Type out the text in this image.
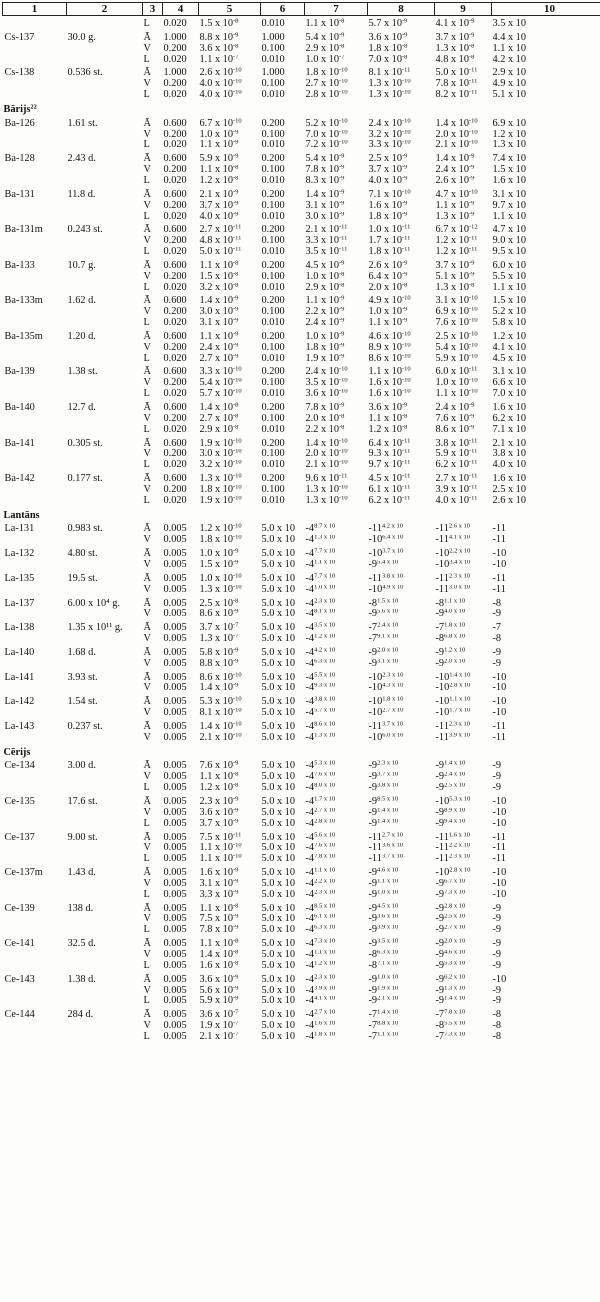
1	2	3	4	5	6	7	8	9	10
		L	0.020	1.5 x $10^{-8}$	0.010	1.1 x $10^{-8}$	5.7 x $10^{-9}$	4.1 x $10^{-9}$	3.5 x 10
Cs-137	30.0 g.	Ā	1.000	8.8 x $10^{-9}$	1.000	5.4 x $10^{-9}$	3.6 x $10^{-9}$	3.7 x $10^{-9}$	4.4 x 10
		V	0.200	3.6 x $10^{-8}$	0.100	2.9 x $10^{-8}$	1.8 x $10^{-8}$	1.3 x $10^{-8}$	1.1 x 10
		L	0.020	1.1 x $10^{-7}$	0.010	1.0 x $10^{-7}$	7.0 x $10^{-8}$	4.8 x $10^{-8}$	4.2 x 10
Cs-138	0.536 st.	Ā	1.000	2.6 x $10^{-10}$	1.000	1.8 x $10^{-10}$	8.1 x $10^{-11}$	5.0 x $10^{-11}$	2.9 x 10
		V	0.200	4.0 x $10^{-10}$	0.100	2.7 x $10^{-10}$	1.3 x $10^{-10}$	7.8 x $10^{-11}$	4.9 x 10
		L	0.020	4.0 x $10^{-10}$	0.010	2.8 x $10^{-10}$	1.3 x $10^{-10}$	8.2 x $10^{-11}$	5.1 x 10
Bārijs$^{22}$
Ba-126	1.61 st.	Ā	0.600	6.7 x $10^{-10}$	0.200	5.2 x $10^{-10}$	2.4 x $10^{-10}$	1.4 x $10^{-10}$	6.9 x 10
		V	0.200	1.0 x $10^{-9}$	0.100	7.0 x $10^{-10}$	3.2 x $10^{-10}$	2.0 x $10^{-10}$	1.2 x 10
		L	0.020	1.1 x $10^{-9}$	0.010	7.2 x $10^{-10}$	3.3 x $10^{-10}$	2.1 x $10^{-10}$	1.3 x 10
Ba-128	2.43 d.	Ā	0.600	5.9 x $10^{-9}$	0.200	5.4 x $10^{-9}$	2.5 x $10^{-9}$	1.4 x $10^{-9}$	7.4 x 10
		V	0.200	1.1 x $10^{-8}$	0.100	7.8 x $10^{-9}$	3.7 x $10^{-9}$	2.4 x $10^{-9}$	1.5 x 10
		L	0.020	1.2 x $10^{-8}$	0.010	8.3 x $10^{-9}$	4.0 x $10^{-9}$	2.6 x $10^{-9}$	1.6 x 10
Ba-131	11.8 d.	Ā	0.600	2.1 x $10^{-9}$	0.200	1.4 x $10^{-9}$	7.1 x $10^{-10}$	4.7 x $10^{-10}$	3.1 x 10
		V	0.200	3.7 x $10^{-9}$	0.100	3.1 x $10^{-9}$	1.6 x $10^{-9}$	1.1 x $10^{-9}$	9.7 x 10
		L	0.020	4.0 x $10^{-9}$	0.010	3.0 x $10^{-9}$	1.8 x $10^{-9}$	1.3 x $10^{-9}$	1.1 x 10
Ba-131m	0.243 st.	Ā	0.600	2.7 x $10^{-11}$	0.200	2.1 x $10^{-11}$	1.0 x $10^{-11}$	6.7 x $10^{-12}$	4.7 x 10
		V	0.200	4.8 x $10^{-11}$	0.100	3.3 x $10^{-11}$	1.7 x $10^{-11}$	1.2 x $10^{-11}$	9.0 x 10
		L	0.020	5.0 x $10^{-11}$	0.010	3.5 x $10^{-11}$	1.8 x $10^{-11}$	1.2 x $10^{-11}$	9.5 x 10
Ba-133	10.7 g.	Ā	0.600	1.1 x $10^{-8}$	0.200	4.5 x $10^{-9}$	2.6 x $10^{-9}$	3.7 x $10^{-9}$	6.0 x 10
		V	0.200	1.5 x $10^{-8}$	0.100	1.0 x $10^{-8}$	6.4 x $10^{-9}$	5.1 x $10^{-9}$	5.5 x 10
		L	0.020	3.2 x $10^{-8}$	0.010	2.9 x $10^{-8}$	2.0 x $10^{-8}$	1.3 x $10^{-8}$	1.1 x 10
Ba-133m	1.62 d.	Ā	0.600	1.4 x $10^{-9}$	0.200	1.1 x $10^{-9}$	4.9 x $10^{-10}$	3.1 x $10^{-10}$	1.5 x 10
		V	0.200	3.0 x $10^{-9}$	0.100	2.2 x $10^{-9}$	1.0 x $10^{-9}$	6.9 x $10^{-10}$	5.2 x 10
		L	0.020	3.1 x $10^{-9}$	0.010	2.4 x $10^{-9}$	1.1 x $10^{-9}$	7.6 x $10^{-10}$	5.8 x 10
Ba-135m	1.20 d.	Ā	0.600	1.1 x $10^{-9}$	0.200	1.0 x $10^{-9}$	4.6 x $10^{-10}$	2.5 x $10^{-10}$	1.2 x 10
		V	0.200	2.4 x $10^{-9}$	0.100	1.8 x $10^{-9}$	8.9 x $10^{-10}$	5.4 x $10^{-10}$	4.1 x 10
		L	0.020	2.7 x $10^{-9}$	0.010	1.9 x $10^{-9}$	8.6 x $10^{-10}$	5.9 x $10^{-10}$	4.5 x 10
Ba-139	1.38 st.	Ā	0.600	3.3 x $10^{-10}$	0.200	2.4 x $10^{-10}$	1.1 x $10^{-10}$	6.0 x $10^{-11}$	3.1 x 10
		V	0.200	5.4 x $10^{-10}$	0.100	3.5 x $10^{-10}$	1.6 x $10^{-10}$	1.0 x $10^{-10}$	6.6 x 10
		L	0.020	5.7 x $10^{-10}$	0.010	3.6 x $10^{-10}$	1.6 x $10^{-10}$	1.1 x $10^{-10}$	7.0 x 10
Ba-140	12.7 d.	Ā	0.600	1.4 x $10^{-8}$	0.200	7.8 x $10^{-9}$	3.6 x $10^{-9}$	2.4 x $10^{-9}$	1.6 x 10
		V	0.200	2.7 x $10^{-8}$	0.100	2.0 x $10^{-8}$	1.1 x $10^{-8}$	7.6 x $10^{-9}$	6.2 x 10
		L	0.020	2.9 x $10^{-8}$	0.010	2.2 x $10^{-8}$	1.2 x $10^{-8}$	8.6 x $10^{-9}$	7.1 x 10
Ba-141	0.305 st.	Ā	0.600	1.9 x $10^{-10}$	0.200	1.4 x $10^{-10}$	6.4 x $10^{-11}$	3.8 x $10^{-11}$	2.1 x 10
		V	0.200	3.0 x $10^{-10}$	0.100	2.0 x $10^{-10}$	9.3 x $10^{-11}$	5.9 x $10^{-11}$	3.8 x 10
		L	0.020	3.2 x $10^{-10}$	0.010	2.1 x $10^{-10}$	9.7 x $10^{-11}$	6.2 x $10^{-11}$	4.0 x 10
Ba-142	0.177 st.	Ā	0.600	1.3 x $10^{-10}$	0.200	9.6 x $10^{-11}$	4.5 x $10^{-11}$	2.7 x $10^{-11}$	1.6 x 10
		V	0.200	1.8 x $10^{-10}$	0.100	1.3 x $10^{-10}$	6.1 x $10^{-11}$	3.9 x $10^{-11}$	2.5 x 10
		L	0.020	1.9 x $10^{-10}$	0.010	1.3 x $10^{-10}$	6.2 x $10^{-11}$	4.0 x $10^{-11}$	2.6 x 10
Lantāns									
La-131	0.983 st.	Ā	0.005	1.2 x $10^{-10}$	5.0 x 10	$-4^{8.7 x 10}$	$-11^{4.2 x 10}$	$-11^{2.6 x 10}$	-11
		V	0.005	1.8 x $10^{-10}$	5.0 x 10	$-4^{1.3 x 10}$	$-10^{6.4 x 10}$	$-11^{4.1 x 10}$	-11
La-132	4.80 st.	Ā	0.005	1.0 x $10^{-9}$	5.0 x 10	$-4^{7.7 x 10}$	$-10^{3.7 x 10}$	$-10^{2.2 x 10}$	-10
		V	0.005	1.5 x $10^{-9}$	5.0 x 10	$-4^{1.1 x 10}$	$-9^{5.4 x 10}$	$-10^{3.4 x 10}$	-10
La-135	19.5 st.	Ā	0.005	1.0 x $10^{-10}$	5.0 x 10	$-4^{7.7 x 10}$	$-11^{3.8 x 10}$	$-11^{2.3 x 10}$	-11
		V	0.005	1.3 x $10^{-10}$	5.0 x 10	$-4^{1.0 x 10}$	$-10^{4.9 x 10}$	$-11^{3.0 x 10}$	-11
La-137	6.00 x 10⁴ g.	Ā	0.005	2.5 x $10^{-8}$	5.0 x 10	$-4^{2.3 x 10}$	$-8^{1.5 x 10}$	$-8^{1.1 x 10}$	-8
		V	0.005	8.6 x $10^{-9}$	5.0 x 10	$-4^{8.1 x 10}$	$-9^{5.6 x 10}$	$-9^{4.0 x 10}$	-9
La-138	1.35 x 10¹¹ g.	Ā	0.005	3.7 x $10^{-7}$	5.0 x 10	$-4^{3.5 x 10}$	$-7^{2.4 x 10}$	$-7^{1.8 x 10}$	-7
		V	0.005	1.3 x $10^{-7}$	5.0 x 10	$-4^{1.2 x 10}$	$-7^{9.1 x 10}$	$-8^{6.8 x 10}$	-8
La-140	1.68 d.	Ā	0.005	5.8 x $10^{-9}$	5.0 x 10	$-4^{4.2 x 10}$	$-9^{2.0 x 10}$	$-9^{1.2 x 10}$	-9
		V	0.005	8.8 x $10^{-9}$	5.0 x 10	$-4^{6.3 x 10}$	$-9^{3.1 x 10}$	$-9^{2.0 x 10}$	-9
La-141	3.93 st.	Ā	0.005	8.6 x $10^{-10}$	5.0 x 10	$-4^{5.5 x 10}$	$-10^{2.3 x 10}$	$-10^{1.4 x 10}$	-10
		V	0.005	1.4 x $10^{-9}$	5.0 x 10	$-4^{9.3 x 10}$	$-10^{4.3 x 10}$	$-10^{2.8 x 10}$	-10
La-142	1.54 st.	Ā	0.005	5.3 x $10^{-10}$	5.0 x 10	$-4^{3.8 x 10}$	$-10^{1.8 x 10}$	$-10^{1.1 x 10}$	-10
		V	0.005	8.1 x $10^{-10}$	5.0 x 10	$-4^{5.7 x 10}$	$-10^{2.7 x 10}$	$-10^{1.7 x 10}$	-10
La-143	0.237 st.	Ā	0.005	1.4 x $10^{-10}$	5.0 x 10	$-4^{8.6 x 10}$	$-11^{3.7 x 10}$	$-11^{2.3 x 10}$	-11
		V	0.005	2.1 x $10^{-10}$	5.0 x 10	$-4^{1.3 x 10}$	$-10^{6.0 x 10}$	$-11^{3.9 x 10}$	-11
Cērijs									
Ce-134	3.00 d.	Ā	0.005	7.6 x $10^{-9}$	5.0 x 10	$-4^{5.3 x 10}$	$-9^{2.3 x 10}$	$-9^{1.4 x 10}$	-9
		V	0.005	1.1 x $10^{-8}$	5.0 x 10	$-4^{7.6 x 10}$	$-9^{3.7 x 10}$	$-9^{2.4 x 10}$	-9
		L	0.005	1.2 x $10^{-8}$	5.0 x 10	$-4^{8.0 x 10}$	$-9^{3.8 x 10}$	$-9^{2.5 x 10}$	-9
Ce-135	17.6 st.	Ā	0.005	2.3 x $10^{-9}$	5.0 x 10	$-4^{1.7 x 10}$	$-9^{8.5 x 10}$	$-10^{5.3 x 10}$	-10
		V	0.005	3.6 x $10^{-9}$	5.0 x 10	$-4^{2.7 x 10}$	$-9^{1.4 x 10}$	$-9^{8.9 x 10}$	-10
		L	0.005	3.7 x $10^{-9}$	5.0 x 10	$-4^{2.8 x 10}$	$-9^{1.4 x 10}$	$-9^{9.4 x 10}$	-10
Ce-137	9.00 st.	Ā	0.005	7.5 x $10^{-11}$	5.0 x 10	$-4^{5.6 x 10}$	$-11^{2.7 x 10}$	$-11^{1.6 x 10}$	-11
		V	0.005	1.1 x $10^{-10}$	5.0 x 10	$-4^{7.6 x 10}$	$-11^{3.6 x 10}$	$-11^{2.2 x 10}$	-11
		L	0.005	1.1 x $10^{-10}$	5.0 x 10	$-4^{7.8 x 10}$	$-11^{3.7 x 10}$	$-11^{2.3 x 10}$	-11
Ce-137m	1.43 d.	Ā	0.005	1.6 x $10^{-9}$	5.0 x 10	$-4^{1.1 x 10}$	$-9^{4.6 x 10}$	$-10^{2.8 x 10}$	-10
		V	0.005	3.1 x $10^{-9}$	5.0 x 10	$-4^{2.2 x 10}$	$-9^{1.1 x 10}$	$-9^{6.7 x 10}$	-10
		L	0.005	3.3 x $10^{-9}$	5.0 x 10	$-4^{2.3 x 10}$	$-9^{1.0 x 10}$	$-9^{7.3 x 10}$	-10
Ce-139	138 d.	Ā	0.005	1.1 x $10^{-8}$	5.0 x 10	$-4^{8.5 x 10}$	$-9^{4.5 x 10}$	$-9^{2.8 x 10}$	-9
		V	0.005	7.5 x $10^{-9}$	5.0 x 10	$-4^{6.1 x 10}$	$-9^{3.6 x 10}$	$-9^{2.5 x 10}$	-9
		L	0.005	7.8 x $10^{-9}$	5.0 x 10	$-4^{6.3 x 10}$	$-9^{3.9 x 10}$	$-9^{2.7 x 10}$	-9
Ce-141	32.5 d.	Ā	0.005	1.1 x $10^{-8}$	5.0 x 10	$-4^{7.3 x 10}$	$-9^{3.5 x 10}$	$-9^{2.0 x 10}$	-9
		V	0.005	1.4 x $10^{-8}$	5.0 x 10	$-4^{1.1 x 10}$	$-8^{6.3 x 10}$	$-9^{4.6 x 10}$	-9
		L	0.005	1.6 x $10^{-8}$	5.0 x 10	$-4^{1.2 x 10}$	$-8^{7.1 x 10}$	$-9^{5.3 x 10}$	-9
Ce-143	1.38 d.	Ā	0.005	3.6 x $10^{-9}$	5.0 x 10	$-4^{2.3 x 10}$	$-9^{1.0 x 10}$	$-9^{6.2 x 10}$	-10
		V	0.005	5.6 x $10^{-9}$	5.0 x 10	$-4^{3.9 x 10}$	$-9^{1.9 x 10}$	$-9^{1.3 x 10}$	-9
		L	0.005	5.9 x $10^{-9}$	5.0 x 10	$-4^{4.1 x 10}$	$-9^{2.1 x 10}$	$-9^{1.4 x 10}$	-9
Ce-144	284 d.	Ā	0.005	3.6 x $10^{-7}$	5.0 x 10	$-4^{2.7 x 10}$	$-7^{1.4 x 10}$	$-7^{7.8 x 10}$	-8
		V	0.005	1.9 x $10^{-7}$	5.0 x 10	$-4^{1.6 x 10}$	$-7^{8.8 x 10}$	$-8^{5.5 x 10}$	-8
		L	0.005	2.1 x $10^{-7}$	5.0 x 10	$-4^{1.8 x 10}$	$-7^{1.1 x 10}$	$-7^{7.3 x 10}$	-8
